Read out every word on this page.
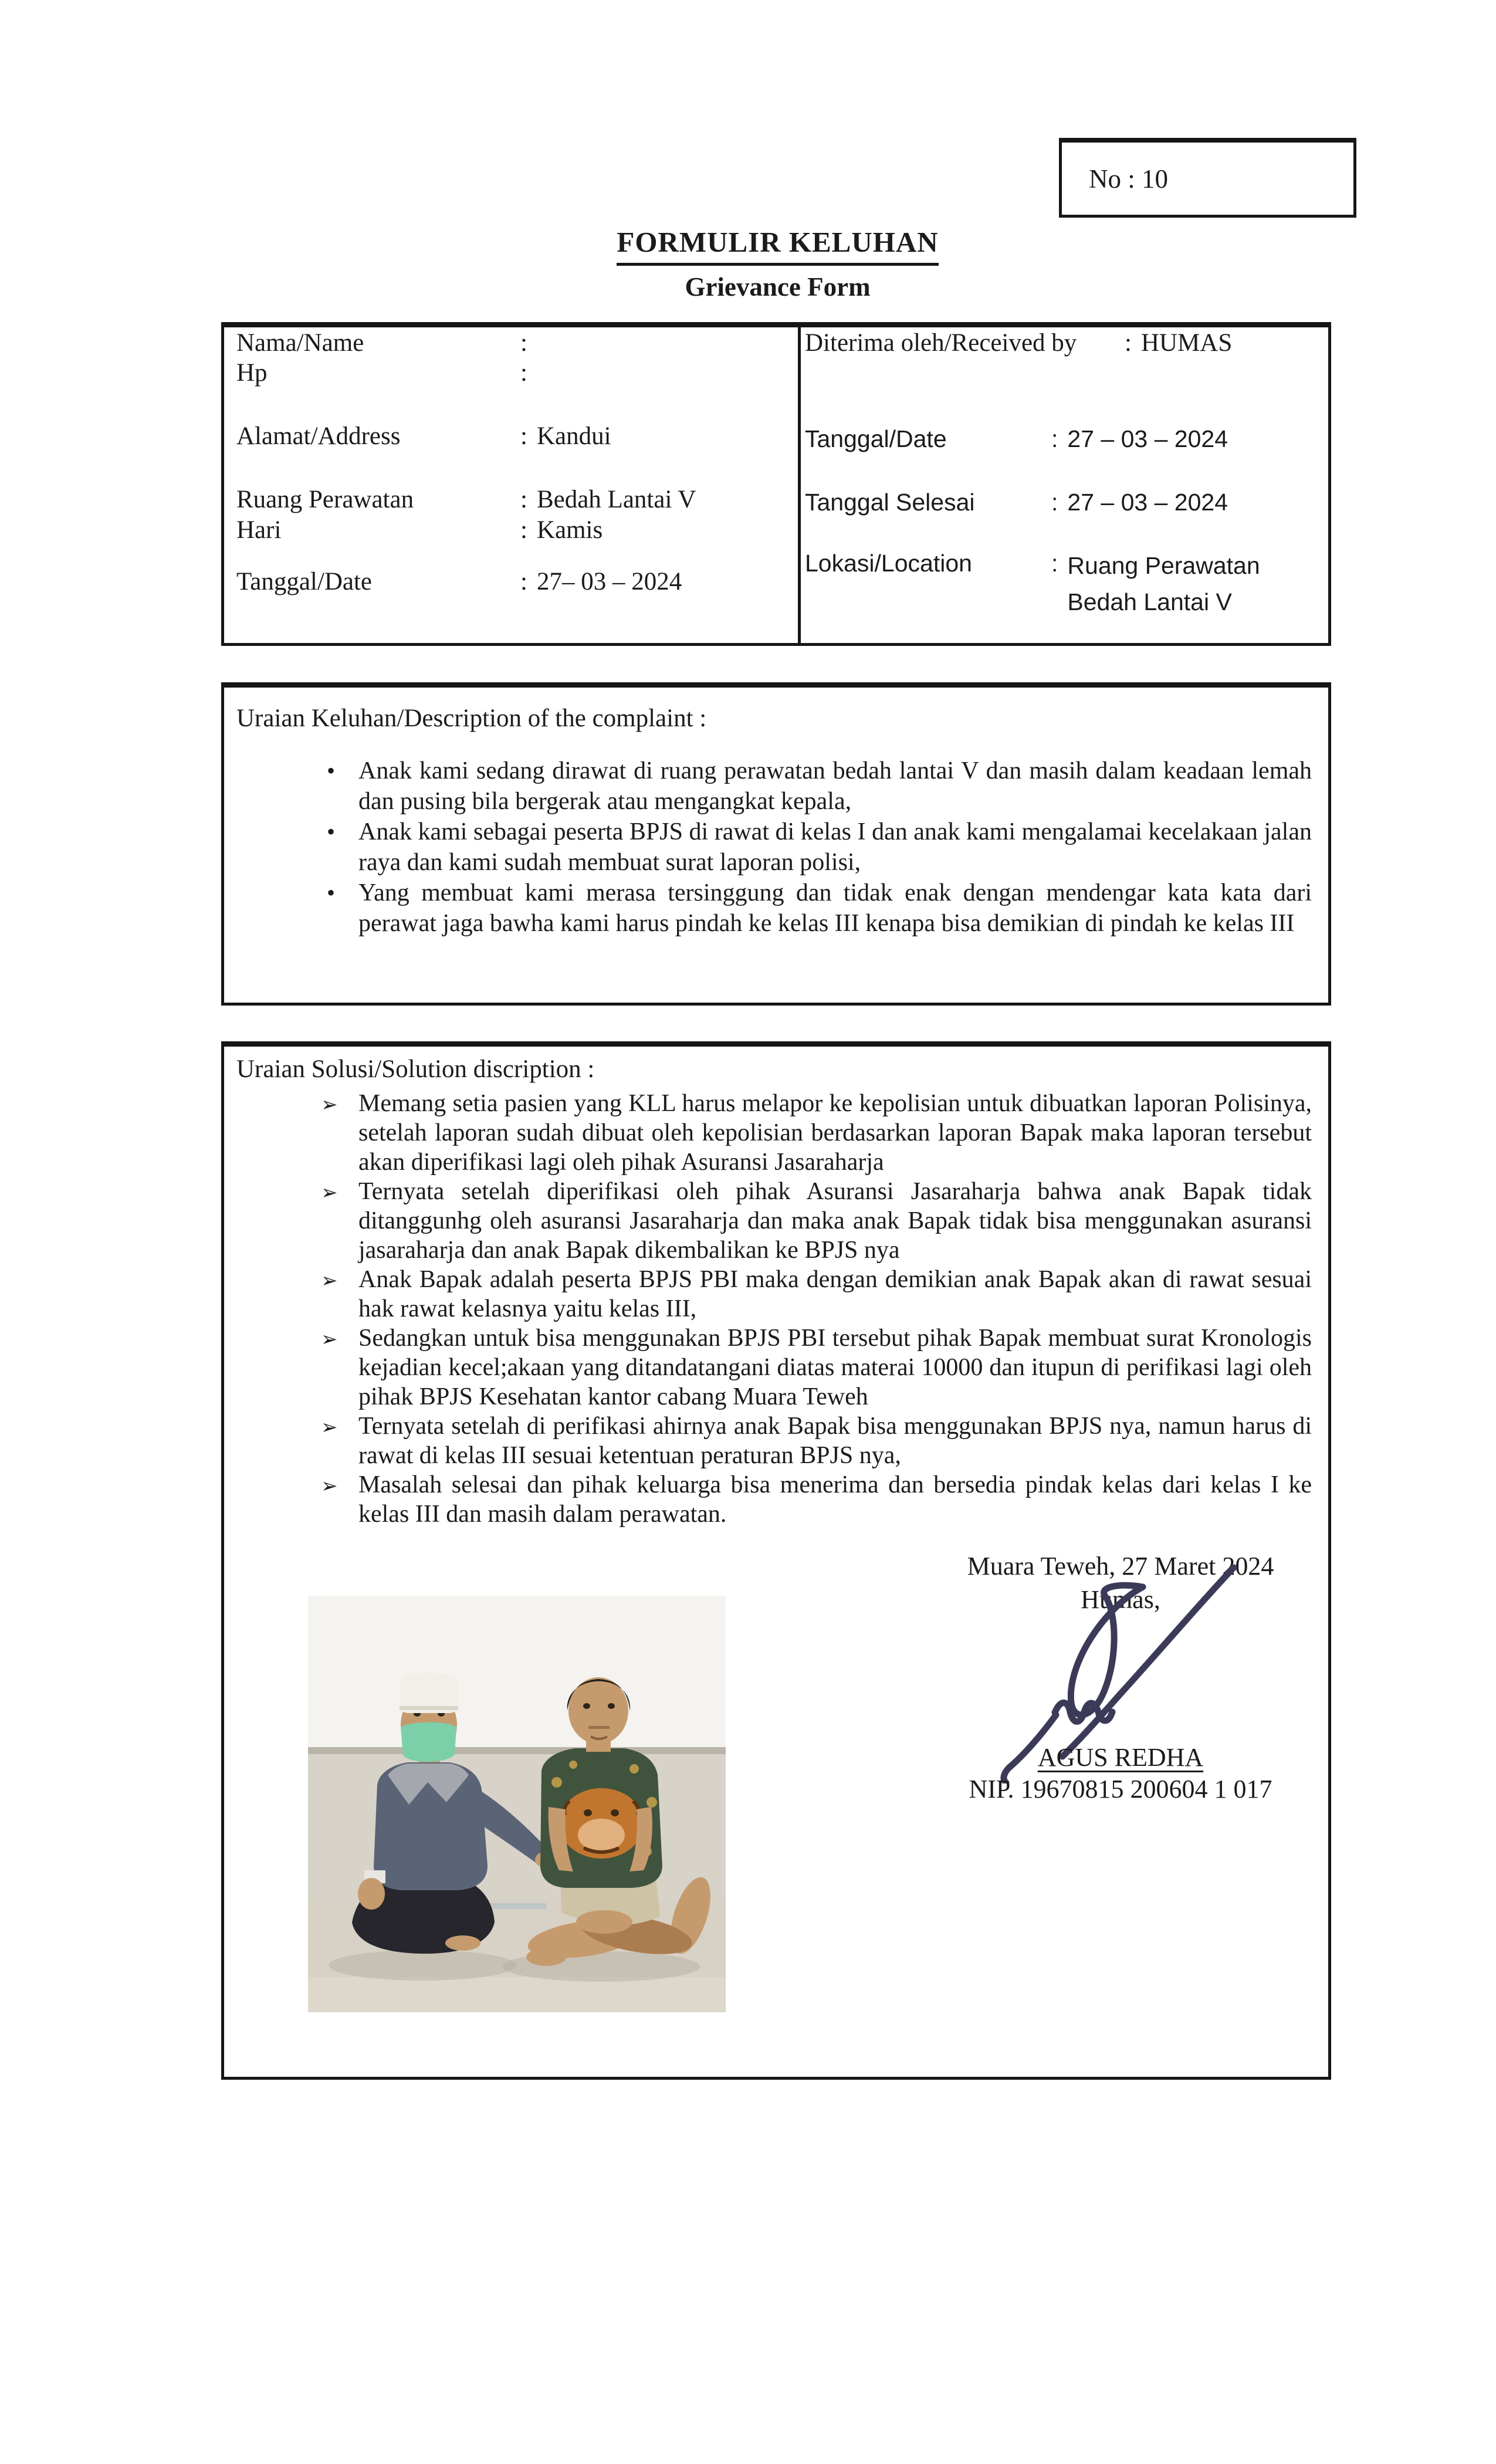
No : 10
FORMULIR KELUHAN
Grievance Form
Nama/Name	:
Hp	:
Alamat/Address	: Kandui
Ruang Perawatan	: Bedah Lantai V
Hari	: Kamis
Tanggal/Date	: 27– 03 – 2024
Diterima oleh/Received by	: HUMAS
Tanggal/Date	: 27 – 03 – 2024
Tanggal Selesai	: 27 – 03 – 2024
Lokasi/Location	: Ruang Perawatan Bedah Lantai V
Uraian Keluhan/Description of the complaint :
• Anak kami sedang dirawat di ruang perawatan bedah lantai V dan masih dalam keadaan lemah dan pusing bila bergerak atau mengangkat kepala,
• Anak kami sebagai peserta BPJS di rawat di kelas I dan anak kami mengalamai kecelakaan jalan raya dan kami sudah membuat surat laporan polisi,
• Yang membuat kami merasa tersinggung dan tidak enak dengan mendengar kata kata dari perawat jaga bawha kami harus pindah ke kelas III kenapa bisa demikian di pindah ke kelas III
Uraian Solusi/Solution discription :
➢ Memang setia pasien yang KLL harus melapor ke kepolisian untuk dibuatkan laporan Polisinya, setelah laporan sudah dibuat oleh kepolisian berdasarkan laporan Bapak maka laporan tersebut akan diperifikasi lagi oleh pihak Asuransi Jasaraharja
➢ Ternyata setelah diperifikasi oleh pihak Asuransi Jasaraharja bahwa anak Bapak tidak ditanggunhg oleh asuransi Jasaraharja dan maka anak Bapak tidak bisa menggunakan asuransi jasaraharja dan anak Bapak dikembalikan ke BPJS nya
➢ Anak Bapak adalah peserta BPJS PBI maka dengan demikian anak Bapak akan di rawat sesuai hak rawat kelasnya yaitu kelas III,
➢ Sedangkan untuk bisa menggunakan BPJS PBI tersebut pihak Bapak membuat surat Kronologis kejadian kecel;akaan yang ditandatangani diatas materai 10000 dan itupun di perifikasi lagi oleh pihak BPJS Kesehatan kantor cabang Muara Teweh
➢ Ternyata setelah di perifikasi ahirnya anak Bapak bisa menggunakan BPJS nya, namun harus di rawat di kelas III sesuai ketentuan peraturan BPJS nya,
➢ Masalah selesai dan pihak keluarga bisa menerima dan bersedia pindak kelas dari kelas I ke kelas III dan masih dalam perawatan.
Muara Teweh, 27 Maret 2024
Humas,
AGUS REDHA
NIP. 19670815 200604 1 017
